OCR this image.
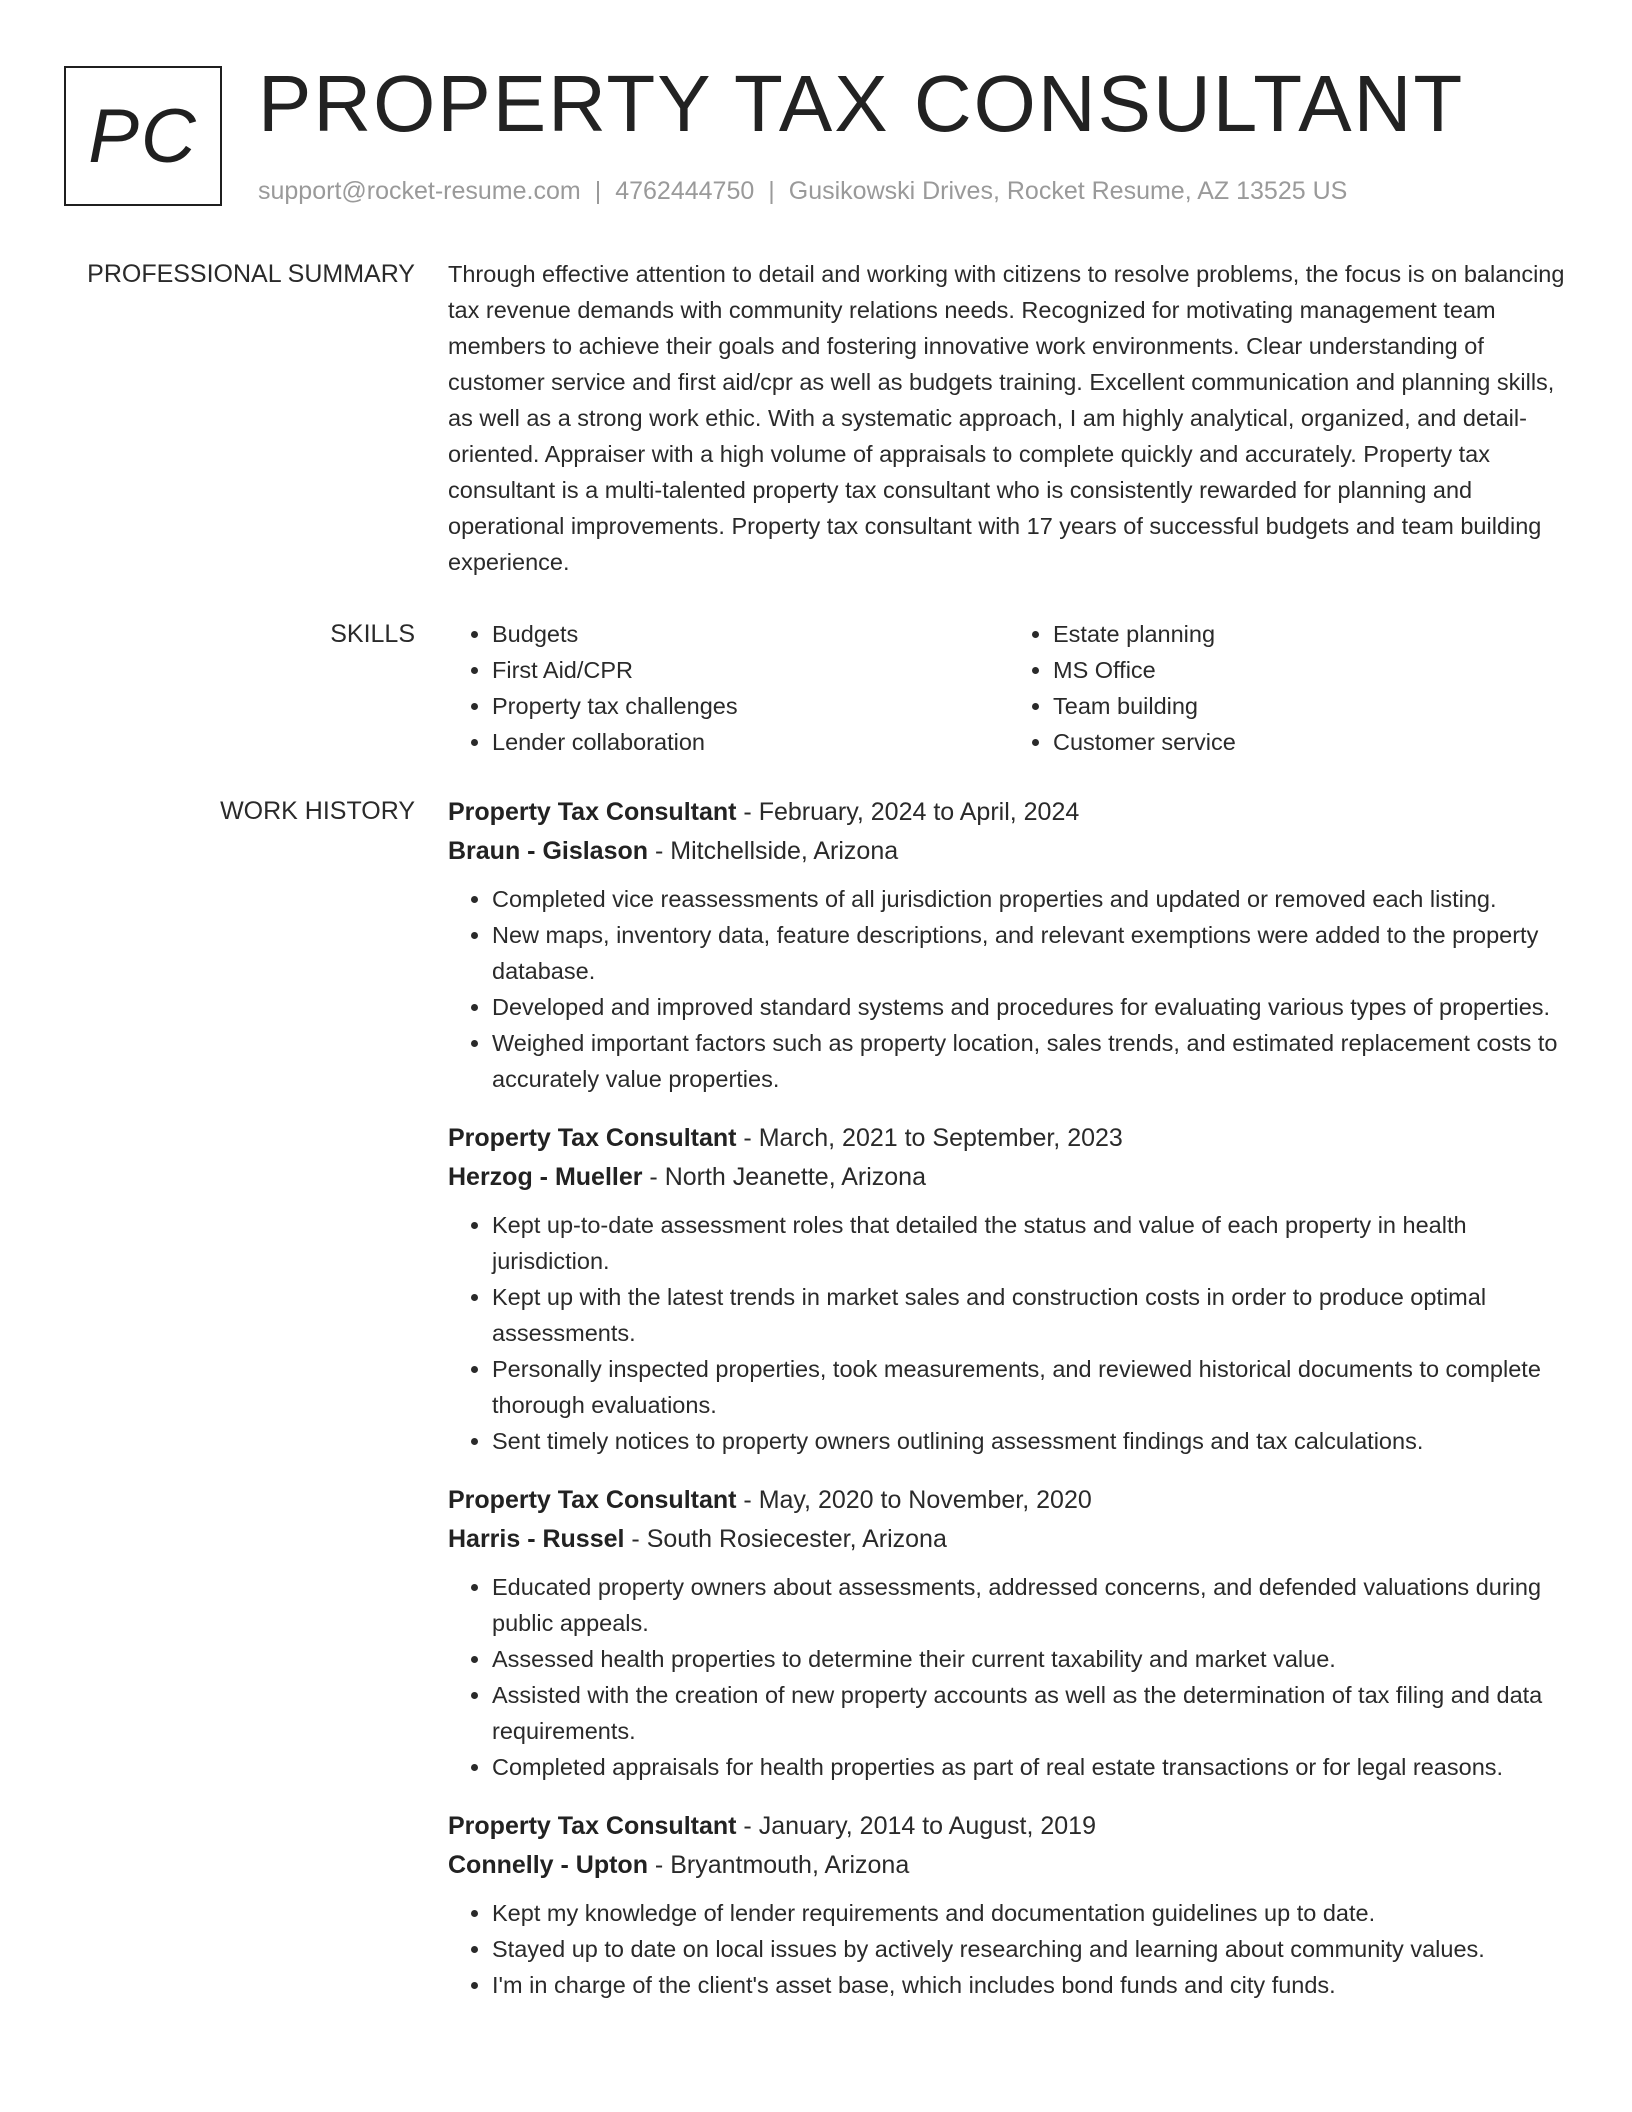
PC PROPERTY TAX CONSULTANT
support@rocket-resume.com | 4762444750 | Gusikowski Drives, Rocket Resume, AZ 13525 US
PROFESSIONAL SUMMARY Through effective attention to detail and working with citizens to resolve problems, the focus is on balancing tax revenue demands with community relations needs. Recognized for motivating management team members to achieve their goals and fostering innovative work environments. Clear understanding of customer service and first aid/cpr as well as budgets training. Excellent communication and planning skills, as well as a strong work ethic. With a systematic approach, I am highly analytical, organized, and detail-oriented. Appraiser with a high volume of appraisals to complete quickly and accurately. Property tax consultant is a multi-talented property tax consultant who is consistently rewarded for planning and operational improvements. Property tax consultant with 17 years of successful budgets and team building experience.

SKILLS
•	Budgets
• First Aid/CPR
• Property tax challenges
• Lender collaboration
• Estate planning
• MS Office
• Team building
• Customer service
WORK HISTORY Property Tax Consultant - February, 2024 to April, 2024
Braun - Gislason - Mitchellside, Arizona
• Completed vice reassessments of all jurisdiction properties and updated or removed each listing.
• New maps, inventory data, feature descriptions, and relevant exemptions were added to the property database.
• Developed and improved standard systems and procedures for evaluating various types of properties.
• Weighed important factors such as property location, sales trends, and estimated replacement costs to accurately value properties.
Property Tax Consultant - March, 2021 to September, 2023
Herzog - Mueller - North Jeanette, Arizona
• Kept up-to-date assessment roles that detailed the status and value of each property in health jurisdiction.
• Kept up with the latest trends in market sales and construction costs in order to produce optimal assessments.
• Personally inspected properties, took measurements, and reviewed historical documents to complete thorough evaluations.
• Sent timely notices to property owners outlining assessment findings and tax calculations.
Property Tax Consultant - May, 2020 to November, 2020
Harris - Russel - South Rosiecester, Arizona
• Educated property owners about assessments, addressed concerns, and defended valuations during public appeals.
• Assessed health properties to determine their current taxability and market value.
• Assisted with the creation of new property accounts as well as the determination of tax filing and data requirements.
• Completed appraisals for health properties as part of real estate transactions or for legal reasons.
Property Tax Consultant - January, 2014 to August, 2019
Connelly - Upton - Bryantmouth, Arizona
• Kept my knowledge of lender requirements and documentation guidelines up to date.
• Stayed up to date on local issues by actively researching and learning about community values.
• I'm in charge of the client's asset base, which includes bond funds and city funds.
